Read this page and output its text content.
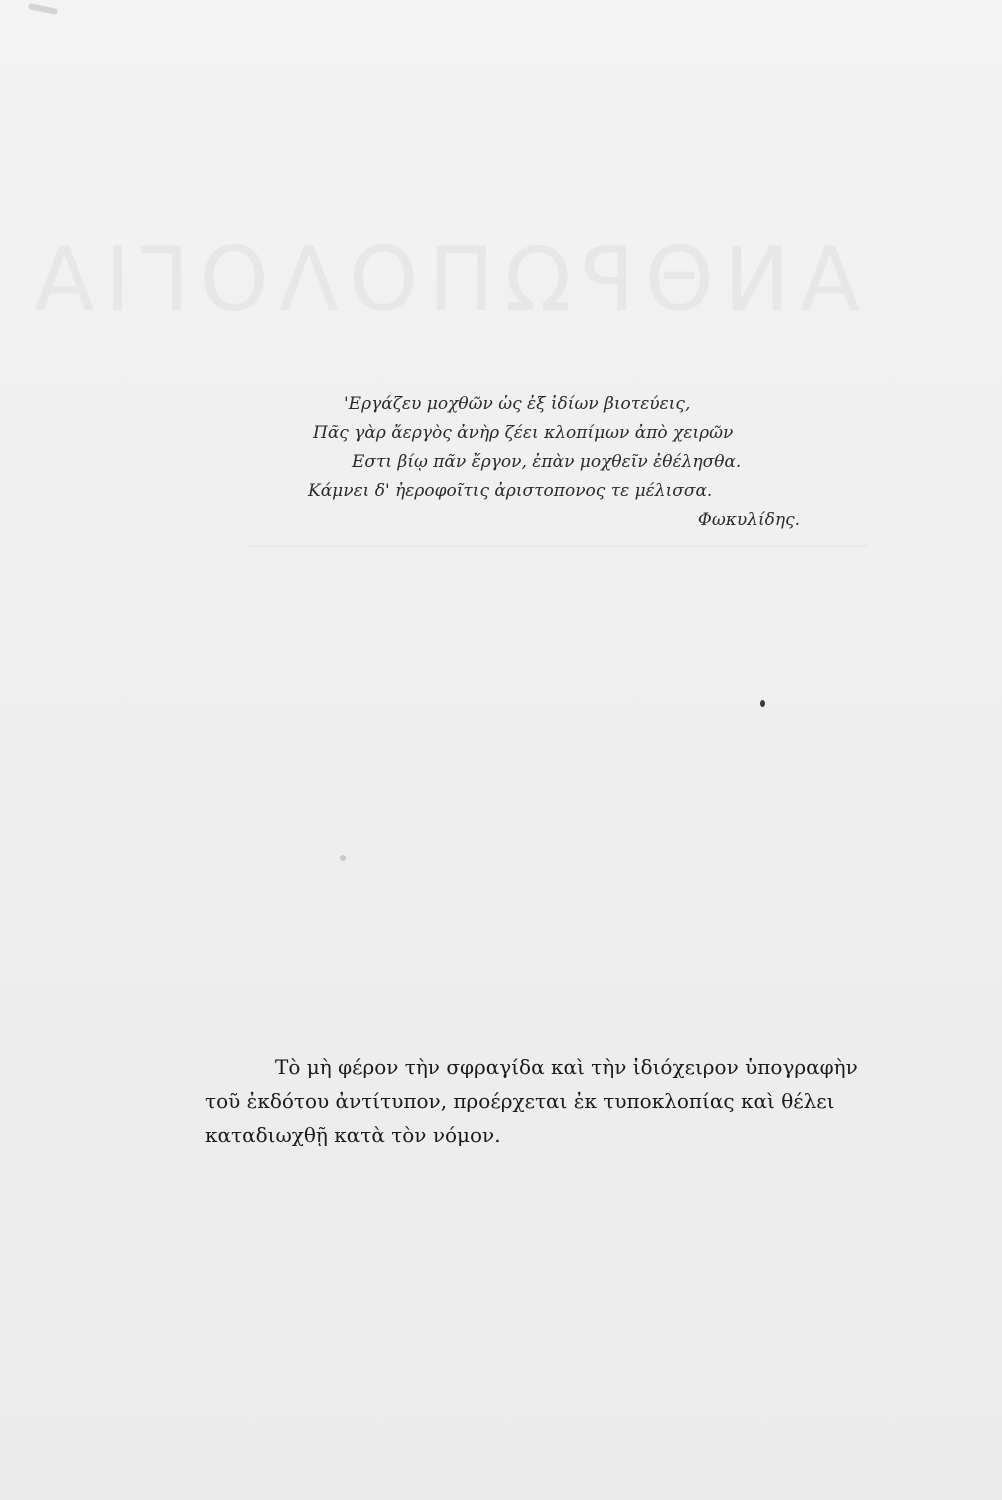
ΑΝΘΡΩΠΟΛΟΓΙΑ
'Εργάζευ μοχθῶν ὡς ἐξ ἰδίων βιοτεύεις,
Πᾶς γὰρ ἄεργὸς ἀνὴρ ζέει κλοπίμων ἀπὸ χειρῶν
Εστι βίῳ πᾶν ἔργον, ἐπὰν μοχθεῖν ἐθέλησθα.
Κάμνει δ' ἠεροφοῖτις ἀριστοπονος τε μέλισσα.
Φωκυλίδης.
Τὸ μὴ φέρον τὴν σφραγίδα καὶ τὴν ἰδιόχειρον ὑπογραφὴν
τοῦ ἐκδότου ἀντίτυπον, προέρχεται ἐκ τυποκλοπίας καὶ θέλει
καταδιωχθῇ κατὰ τὸν νόμον.
